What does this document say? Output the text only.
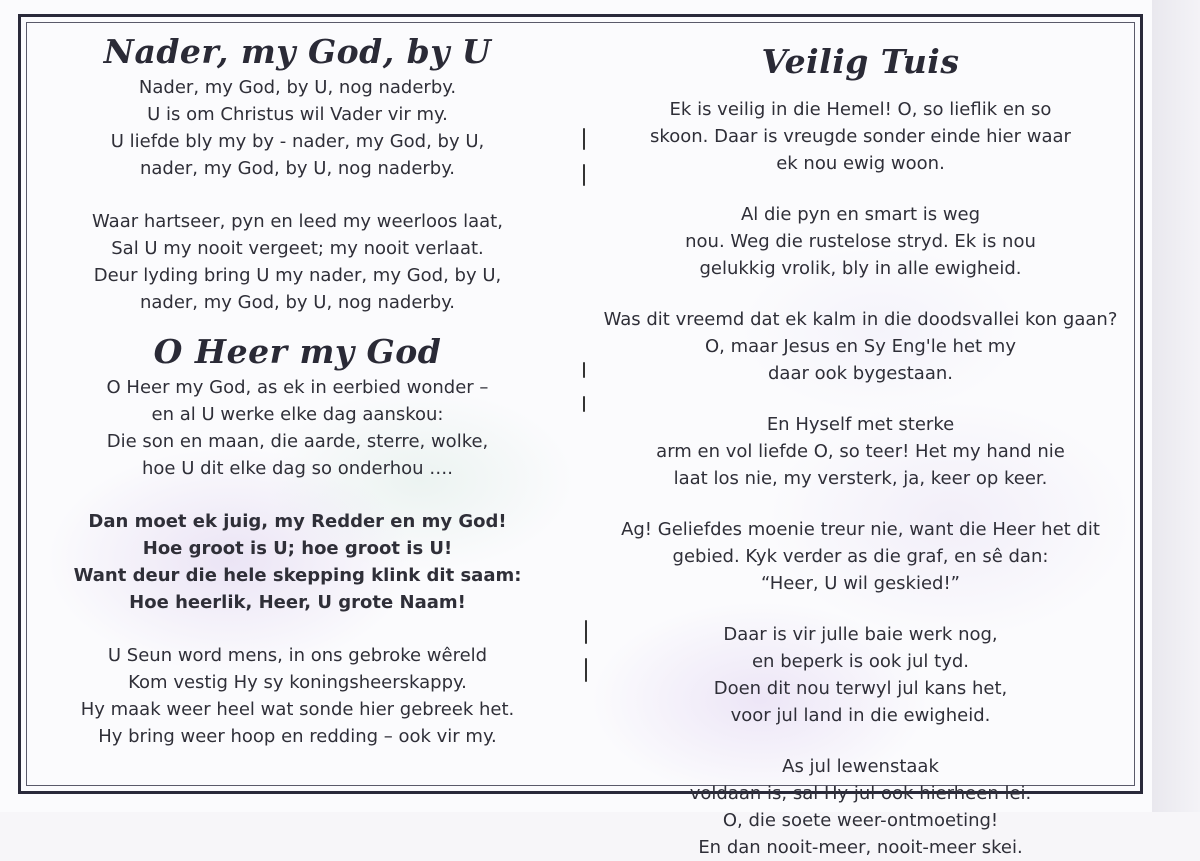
Nader, my God, by U
Nader, my God, by U, nog naderby.
U is om Christus wil Vader vir my.
U liefde bly my by - nader, my God, by U,
nader, my God, by U, nog naderby.
Waar hartseer, pyn en leed my weerloos laat,
Sal U my nooit vergeet; my nooit verlaat.
Deur lyding bring U my nader, my God, by U,
nader, my God, by U, nog naderby.
O Heer my God
O Heer my God, as ek in eerbied wonder –
en al U werke elke dag aanskou:
Die son en maan, die aarde, sterre, wolke,
hoe U dit elke dag so onderhou ….
Dan moet ek juig, my Redder en my God!
Hoe groot is U; hoe groot is U!
Want deur die hele skepping klink dit saam:
Hoe heerlik, Heer, U grote Naam!
U Seun word mens, in ons gebroke wêreld
Kom vestig Hy sy koningsheerskappy.
Hy maak weer heel wat sonde hier gebreek het.
Hy bring weer hoop en redding – ook vir my.
Veilig Tuis
Ek is veilig in die Hemel! O, so lieflik en so
skoon. Daar is vreugde sonder einde hier waar
ek nou ewig woon.
Al die pyn en smart is weg
nou. Weg die rustelose stryd. Ek is nou
gelukkig vrolik, bly in alle ewigheid.
Was dit vreemd dat ek kalm in die doodsvallei kon gaan?
O, maar Jesus en Sy Eng'le het my
daar ook bygestaan.
En Hyself met sterke
arm en vol liefde O, so teer! Het my hand nie
laat los nie, my versterk, ja, keer op keer.
Ag! Geliefdes moenie treur nie, want die Heer het dit
gebied. Kyk verder as die graf, en sê dan:
“Heer, U wil geskied!”
Daar is vir julle baie werk nog,
en beperk is ook jul tyd.
Doen dit nou terwyl jul kans het,
voor jul land in die ewigheid.
As jul lewenstaak
voldaan is, sal Hy jul ook hierheen lei.
O, die soete weer-ontmoeting!
En dan nooit-meer, nooit-meer skei.
